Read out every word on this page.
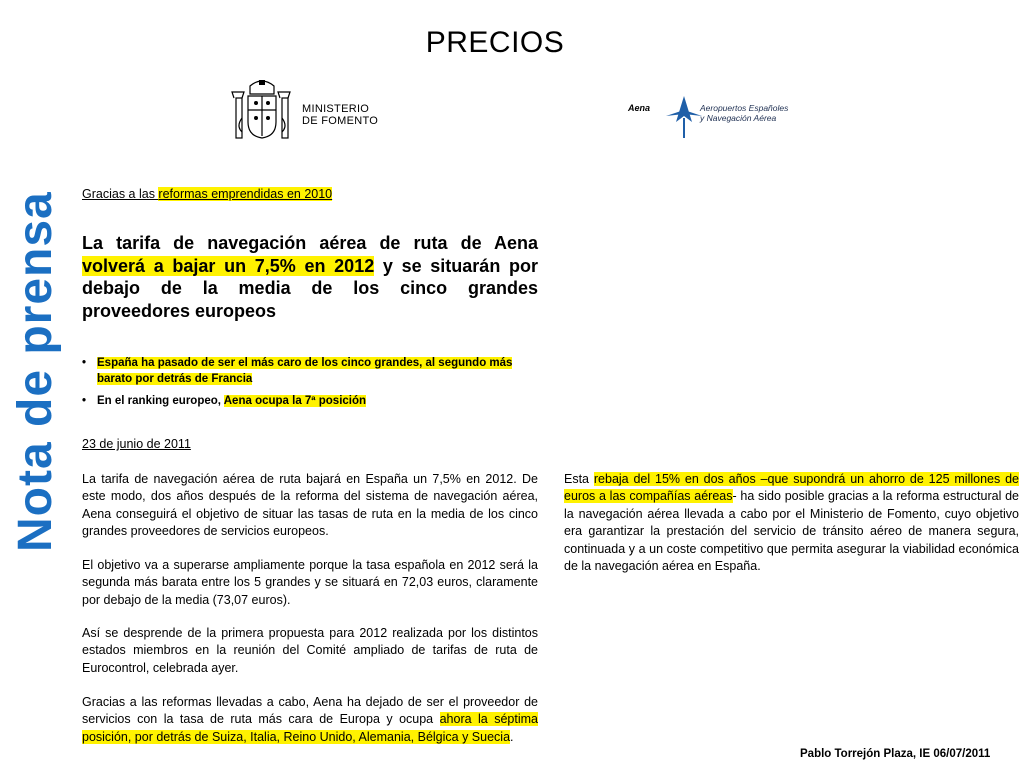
PRECIOS
MINISTERIO
DE FOMENTO
Aena	Aeropuertos Españoles
y Navegación Aérea
Nota de prensa Gracias a las reformas emprendidas en 2010
La tarifa de navegación aérea de ruta de Aena volverá a bajar un 7,5% en 2012 y se situarán por debajo de la media de los cinco grandes proveedores europeos
• España ha pasado de ser el más caro de los cinco grandes, al segundo más barato por detrás de Francia
• En el ranking europeo, Aena ocupa la 7ª posición
23 de junio de 2011

La tarifa de navegación aérea de ruta bajará en España un 7,5% en 2012. De este modo, dos años después de la reforma del sistema de navegación aérea, Aena conseguirá el objetivo de situar las tasas de ruta en la media de los cinco grandes proveedores de servicios europeos.

El objetivo va a superarse ampliamente porque la tasa española en 2012 será la segunda más barata entre los 5 grandes y se situará en 72,03 euros, claramente por debajo de la media (73,07 euros).

Así se desprende de la primera propuesta para 2012 realizada por los distintos estados miembros en la reunión del Comité ampliado de tarifas de ruta de Eurocontrol, celebrada ayer.

Gracias a las reformas llevadas a cabo, Aena ha dejado de ser el proveedor de servicios con la tasa de ruta más cara de Europa y ocupa ahora la séptima posición, por detrás de Suiza, Italia, Reino Unido, Alemania, Bélgica y Suecia.

Esta rebaja del 15% en dos años –que supondrá un ahorro de 125 millones de euros a las compañías aéreas- ha sido posible gracias a la reforma estructural de la navegación aérea llevada a cabo por el Ministerio de Fomento, cuyo objetivo era garantizar la prestación del servicio de tránsito aéreo de manera segura, continuada y a un coste competitivo que permita asegurar la viabilidad económica de la navegación aérea en España.

Pablo Torrejón Plaza, IE 06/07/2011
